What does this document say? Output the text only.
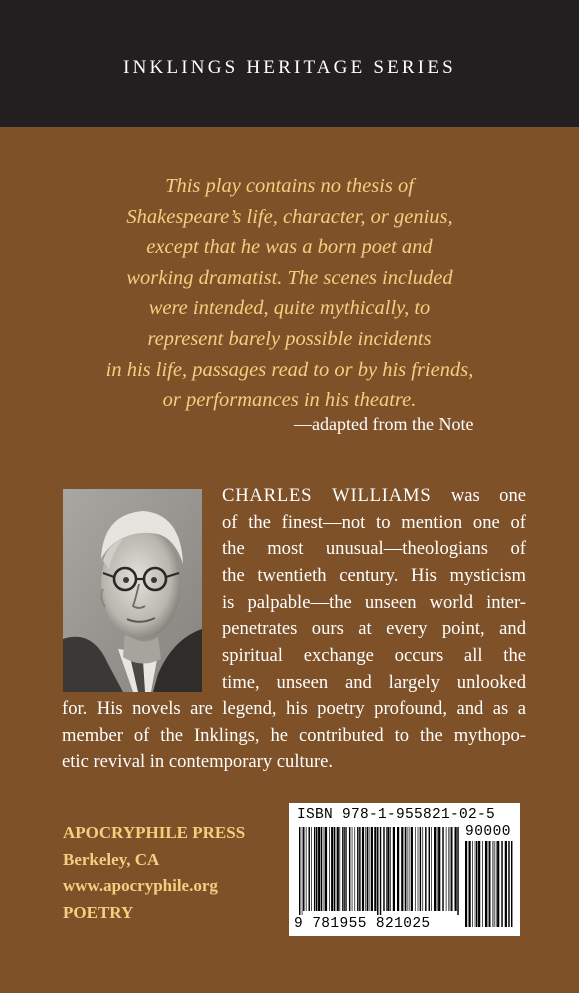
INKLINGS HERITAGE SERIES
This play contains no thesis of
Shakespeare’s life, character, or genius,
except that he was a born poet and
working dramatist. The scenes included
were intended, quite mythically, to
represent barely possible incidents
in his life, passages read to or by his friends,
or performances in his theatre.
—adapted from the Note
CHARLES WILLIAMS was one
of the finest—not to mention one of
the most unusual—theologians of
the twentieth century. His mysticism
is palpable—the unseen world inter-
penetrates ours at every point, and
spiritual exchange occurs all the
time, unseen and largely unlooked
for. His novels are legend, his poetry profound, and as a
member of the Inklings, he contributed to the mythopo-
etic revival in contemporary culture.
APOCRYPHILE PRESS
Berkeley, CA
www.apocryphile.org
POETRY
ISBN 978-1-955821-02-5
90000
9 781955 821025
